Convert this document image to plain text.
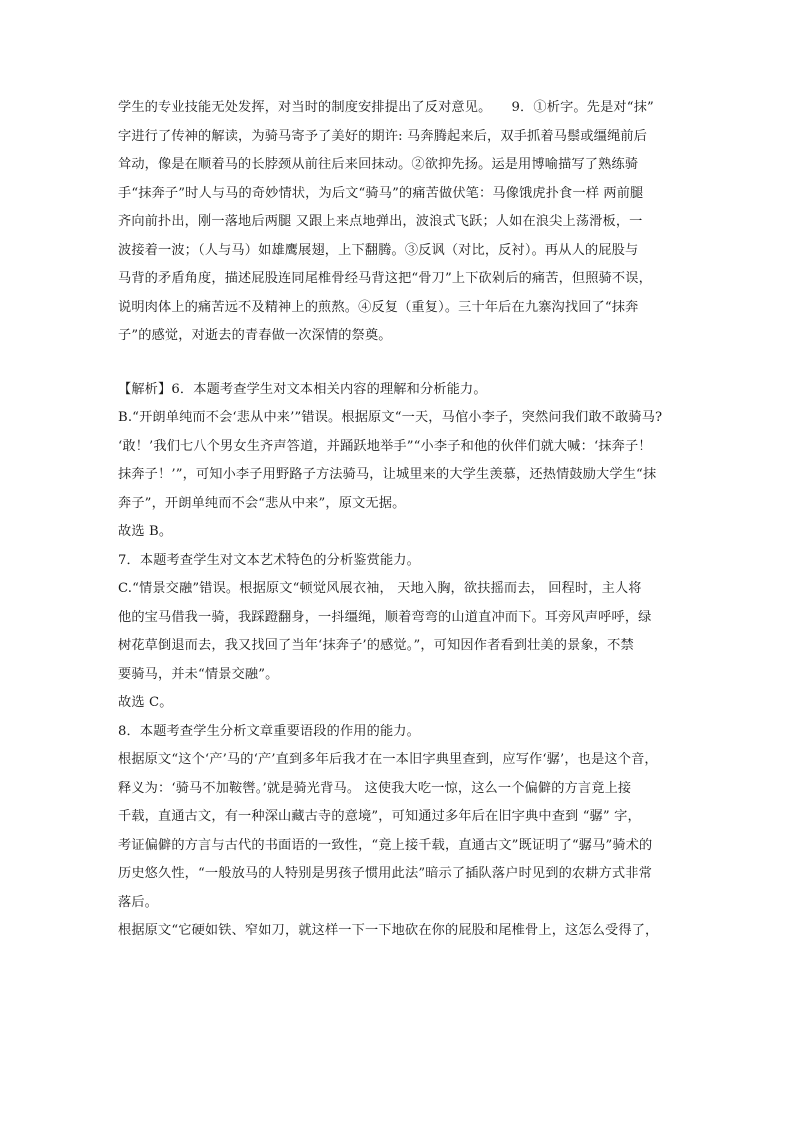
学生的专业技能无处发挥，对当时的制度安排提出了反对意见。　　9．①析字。先是对“抹”
字进行了传神的解读，为骑马寄予了美好的期许: 马奔腾起来后，双手抓着马鬃或缰绳前后
耸动，像是在顺着马的长脖颈从前往后来回抹动。②欲抑先扬。运是用博喻描写了熟练骑
手“抹奔子”时人与马的奇妙情状，为后文“骑马”的痛苦做伏笔：马像饿虎扑食一样 两前腿
齐向前扑出，刚一落地后两腿 又跟上来点地弹出，波浪式飞跃；人如在浪尖上荡滑板，一
波接着一波；（人与马）如雄鹰展翅，上下翻腾。③反讽（对比，反衬）。再从人的屁股与
马背的矛盾角度，描述屁股连同尾椎骨经马背这把“骨刀”上下砍剁后的痛苦，但照骑不误，
说明肉体上的痛苦远不及精神上的煎熬。④反复（重复）。三十年后在九寨沟找回了“抹奔
子”的感觉，对逝去的青春做一次深情的祭奠。
【解析】6．本题考查学生对文本相关内容的理解和分析能力。
B.“开朗单纯而不会‘悲从中来’”错误。根据原文“一天，马倌小李子，突然问我们敢不敢骑马?
‘敢！’我们七八个男女生齐声答道，并踊跃地举手”“小李子和他的伙伴们就大喊：‘抹奔子！
抹奔子！’”，可知小李子用野路子方法骑马，让城里来的大学生羡慕，还热情鼓励大学生“抹
奔子”，开朗单纯而不会“悲从中来”，原文无据。
故选 B。
7．本题考查学生对文本艺术特色的分析鉴赏能力。
C.“情景交融”错误。根据原文“顿觉风展衣袖， 天地入胸，欲扶摇而去， 回程时，主人将
他的宝马借我一骑，我踩蹬翻身，一抖缰绳，顺着弯弯的山道直冲而下。耳旁风声呼呼，绿
树花草倒退而去，我又找回了当年‘抹奔子’的感觉。”，可知因作者看到壮美的景象，不禁
要骑马，并未“情景交融”。
故选 C。
8．本题考查学生分析文章重要语段的作用的能力。
根据原文“这个‘产’马的‘产’直到多年后我才在一本旧字典里查到，应写作‘骣’，也是这个音，
释义为：‘骑马不加鞍辔。’就是骑光背马。 这使我大吃一惊，这么一个偏僻的方言竟上接
千载，直通古文，有一种深山藏古寺的意境”，可知通过多年后在旧字典中查到 “骣” 字，
考证偏僻的方言与古代的书面语的一致性，“竟上接千载，直通古文”既证明了“骣马”骑术的
历史悠久性，“一般放马的人特别是男孩子惯用此法”暗示了插队落户时见到的农耕方式非常
落后。
根据原文“它硬如铁、窄如刀，就这样一下一下地砍在你的屁股和尾椎骨上，这怎么受得了，
